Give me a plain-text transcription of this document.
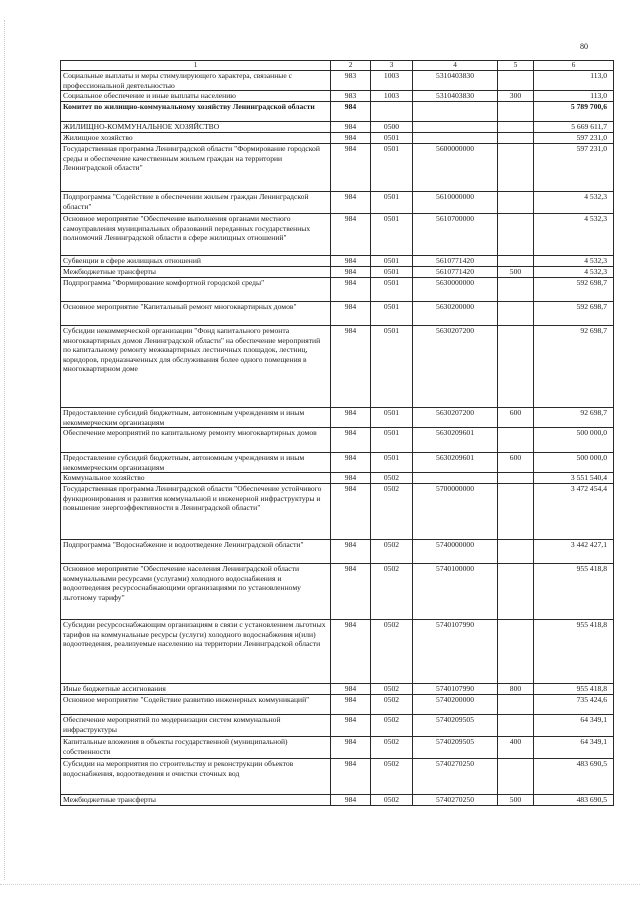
80
1	2	3	4	5	6
Социальные выплаты и меры стимулирующего характера, связанные с профессиональной деятельностью	983	1003	5310403830		113,0
Социальное обеспечение и иные выплаты населению	983	1003	5310403830	300	113,0
Комитет по жилищно-коммунальному хозяйству Ленинградской области	984				5 789 700,6
ЖИЛИЩНО-КОММУНАЛЬНОЕ ХОЗЯЙСТВО	984	0500			5 669 611,7
Жилищное хозяйство	984	0501			597 231,0
Государственная программа Ленинградской области "Формирование городской среды и обеспечение качественным жильем граждан на территории Ленинградской области"	984	0501	5600000000		597 231,0
Подпрограмма "Содействие в обеспечении жильем граждан Ленинградской области"	984	0501	5610000000		4 532,3
Основное мероприятие "Обеспечение выполнения органами местного самоуправления муниципальных образований переданных государственных полномочий Ленинградской области в сфере жилищных отношений"	984	0501	5610700000		4 532,3
Субвенции в сфере жилищных отношений	984	0501	5610771420		4 532,3
Межбюджетные трансферты	984	0501	5610771420	500	4 532,3
Подпрограмма "Формирование комфортной городской среды"	984	0501	5630000000		592 698,7
Основное мероприятие "Капитальный ремонт многоквартирных домов"	984	0501	5630200000		592 698,7
Субсидии некоммерческой организации "Фонд капитального ремонта многоквартирных домов Ленинградской области" на обеспечение мероприятий по капитальному ремонту межквартирных лестничных площадок, лестниц, коридоров, предназначенных для обслуживания более одного помещения в многоквартирном доме	984	0501	5630207200		92 698,7
Предоставление субсидий бюджетным, автономным учреждениям и иным некоммерческим организациям	984	0501	5630207200	600	92 698,7
Обеспечение мероприятий по капитальному ремонту многоквартирных домов	984	0501	5630209601		500 000,0
Предоставление субсидий бюджетным, автономным учреждениям и иным некоммерческим организациям	984	0501	5630209601	600	500 000,0
Коммунальное хозяйство	984	0502			3 551 540,4
Государственная программа Ленинградской области "Обеспечение устойчивого функционирования и развития коммунальной и инженерной инфраструктуры и повышение энергоэффективности в Ленинградской области"	984	0502	5700000000		3 472 454,4
Подпрограмма "Водоснабжение и водоотведение Ленинградской области"	984	0502	5740000000		3 442 427,1
Основное мероприятие "Обеспечение населения Ленинградской области коммунальными ресурсами (услугами) холодного водоснабжения и водоотведения ресурсоснабжающими организациями по установленному льготному тарифу"	984	0502	5740100000		955 418,8
Субсидии ресурсоснабжающим организациям в связи с установлением льготных тарифов на коммунальные ресурсы (услуги) холодного водоснабжения и(или) водоотведения, реализуемые населению на территории Ленинградской области	984	0502	5740107990		955 418,8
Иные бюджетные ассигнования	984	0502	5740107990	800	955 418,8
Основное мероприятие "Содействие развитию инженерных коммуникаций"	984	0502	5740200000		735 424,6
Обеспечение мероприятий по модернизации систем коммунальной инфраструктуры	984	0502	5740209505		64 349,1
Капитальные вложения в объекты государственной (муниципальной) собственности	984	0502	5740209505	400	64 349,1
Субсидии на мероприятия по строительству и реконструкции объектов водоснабжения, водоотведения и очистки сточных вод	984	0502	5740270250		483 690,5
Межбюджетные трансферты	984	0502	5740270250	500	483 690,5
